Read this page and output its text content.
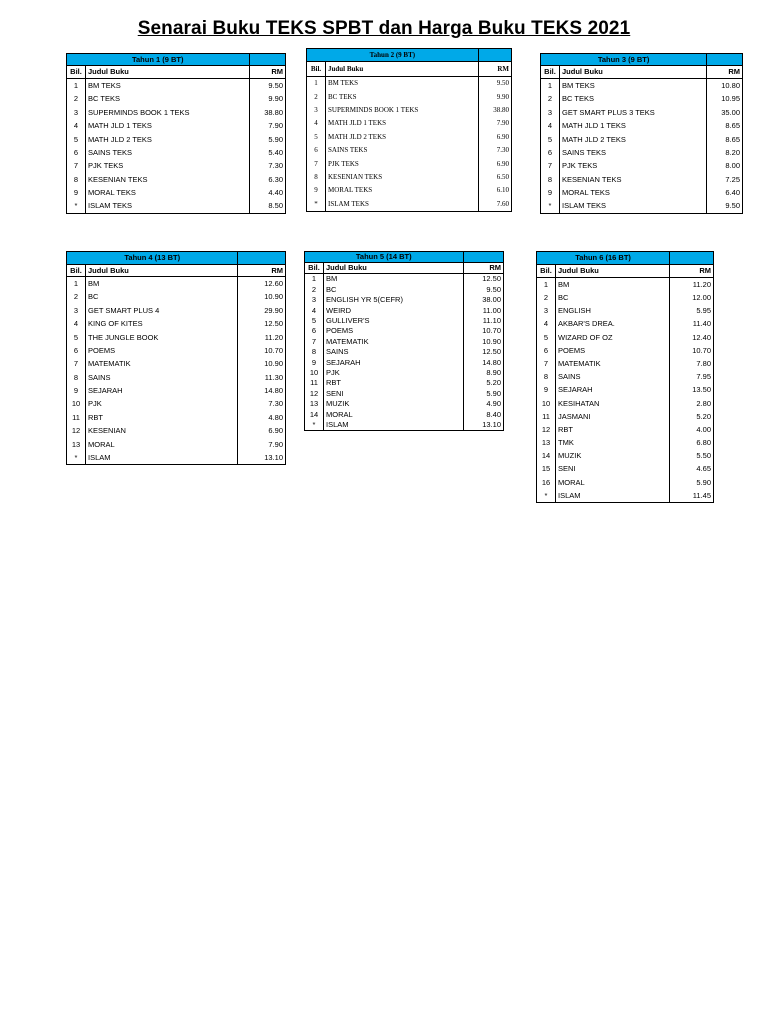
Senarai Buku TEKS SPBT dan Harga Buku TEKS 2021
Tahun 1 (9 BT)		
Bil.	Judul Buku	RM
1	BM TEKS	9.50
2	BC TEKS	9.90
3	SUPERMINDS BOOK 1 TEKS	38.80
4	MATH JLD 1 TEKS	7.90
5	MATH JLD 2 TEKS	5.90
6	SAINS TEKS	5.40
7	PJK TEKS	7.30
8	KESENIAN TEKS	6.30
9	MORAL TEKS	4.40
*	ISLAM TEKS	8.50
Tahun 2 (9 BT)		
Bil.	Judul Buku	RM
1	BM TEKS	9.50
2	BC TEKS	9.90
3	SUPERMINDS BOOK 1 TEKS	38.80
4	MATH JLD 1 TEKS	7.90
5	MATH JLD 2 TEKS	6.90
6	SAINS TEKS	7.30
7	PJK TEKS	6.90
8	KESENIAN TEKS	6.50
9	MORAL TEKS	6.10
*	ISLAM TEKS	7.60
Tahun 3 (9 BT)		
Bil.	Judul Buku	RM
1	BM TEKS	10.80
2	BC TEKS	10.95
3	GET SMART PLUS 3 TEKS	35.00
4	MATH JLD 1 TEKS	8.65
5	MATH JLD 2 TEKS	8.65
6	SAINS TEKS	8.20
7	PJK TEKS	8.00
8	KESENIAN TEKS	7.25
9	MORAL TEKS	6.40
*	ISLAM TEKS	9.50
Tahun 4 (13 BT)		
Bil.	Judul Buku	RM
1	BM	12.60
2	BC	10.90
3	GET SMART PLUS 4	29.90
4	KING OF KITES	12.50
5	THE JUNGLE BOOK	11.20
6	POEMS	10.70
7	MATEMATIK	10.90
8	SAINS	11.30
9	SEJARAH	14.80
10	PJK	7.30
11	RBT	4.80
12	KESENIAN	6.90
13	MORAL	7.90
*	ISLAM	13.10
Tahun 5 (14 BT)		
Bil.	Judul Buku	RM
1	BM	12.50
2	BC	9.50
3	ENGLISH YR 5(CEFR)	38.00
4	WEIRD	11.00
5	GULLIVER'S	11.10
6	POEMS	10.70
7	MATEMATIK	10.90
8	SAINS	12.50
9	SEJARAH	14.80
10	PJK	8.90
11	RBT	5.20
12	SENI	5.90
13	MUZIK	4.90
14	MORAL	8.40
*	ISLAM	13.10
Tahun 6 (16 BT)		
Bil.	Judul Buku	RM
1	BM	11.20
2	BC	12.00
3	ENGLISH	5.95
4	AKBAR'S DREA.	11.40
5	WIZARD OF OZ	12.40
6	POEMS	10.70
7	MATEMATIK	7.80
8	SAINS	7.95
9	SEJARAH	13.50
10	KESIHATAN	2.80
11	JASMANI	5.20
12	RBT	4.00
13	TMK	6.80
14	MUZIK	5.50
15	SENI	4.65
16	MORAL	5.90
*	ISLAM	11.45
